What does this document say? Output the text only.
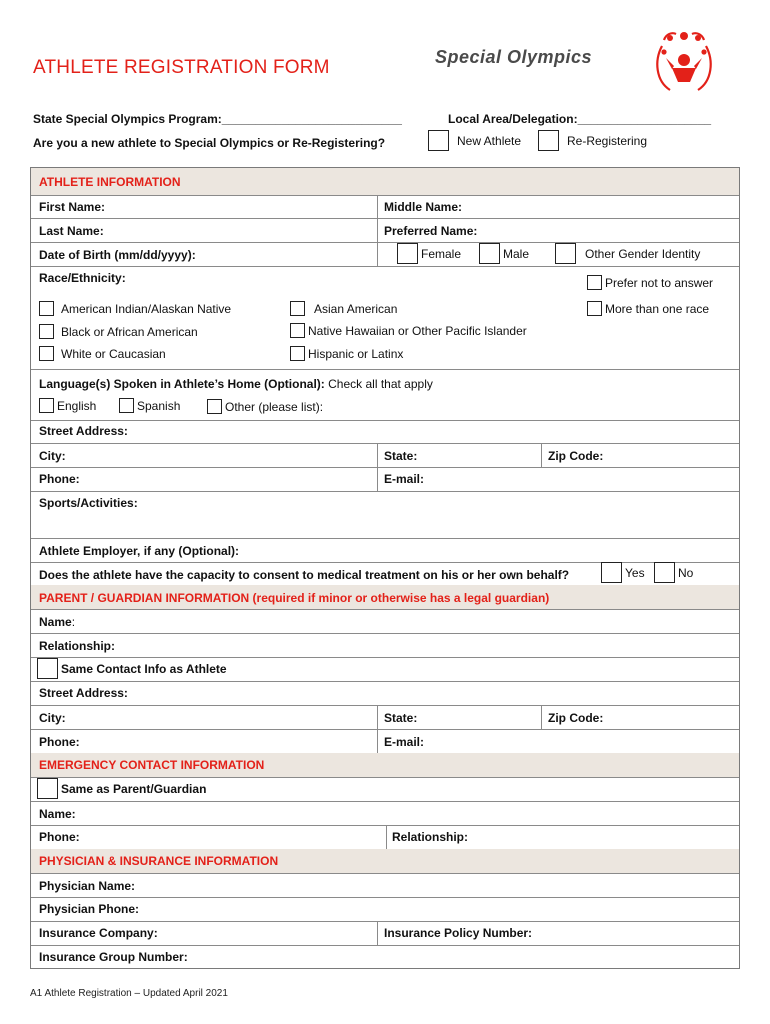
ATHLETE REGISTRATION FORM	Special Olympics
State Special Olympics Program:___________________________	Local Area/Delegation:____________________
Are you a new athlete to Special Olympics or Re-Registering?	New Athlete	Re-Registering
ATHLETE INFORMATION
First Name:	Middle Name:
Last Name:	Preferred Name:
Date of Birth (mm/dd/yyyy):	Female	Male	Other Gender Identity
Race/Ethnicity:	Prefer not to answer
American Indian/Alaskan Native	Asian American	More than one race
Black or African American	Native Hawaiian or Other Pacific Islander
White or Caucasian	Hispanic or Latinx
Language(s) Spoken in Athlete’s Home (Optional): Check all that apply
English	Spanish	Other (please list):
Street Address:
City:	State:	Zip Code:
Phone:	E-mail:
Sports/Activities:
Athlete Employer, if any (Optional):
Does the athlete have the capacity to consent to medical treatment on his or her own behalf?	Yes	No
PARENT / GUARDIAN INFORMATION (required if minor or otherwise has a legal guardian)
Name:
Relationship:
Same Contact Info as Athlete
Street Address:
City:	State:	Zip Code:
Phone:	E-mail:
EMERGENCY CONTACT INFORMATION
Same as Parent/Guardian
Name:
Phone:	Relationship:
PHYSICIAN & INSURANCE INFORMATION
Physician Name:
Physician Phone:
Insurance Company:	Insurance Policy Number:
Insurance Group Number:
A1 Athlete Registration – Updated April 2021
